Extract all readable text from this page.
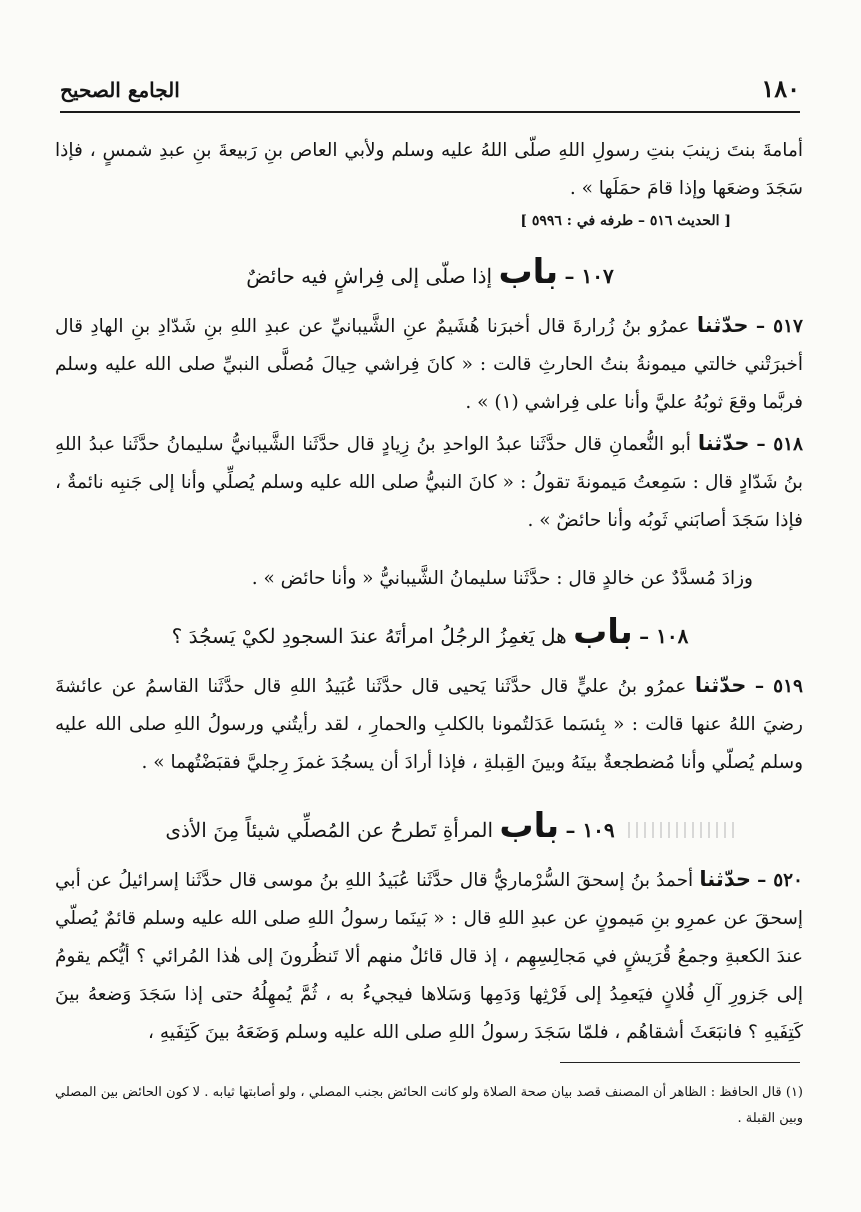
١٨٠
الجامع الصحيح
أمامةَ بنتَ زينبَ بنتِ رسولِ اللهِ صلّى اللهُ عليه وسلم ولأبي العاص بنِ رَبيعةَ بنِ عبدِ شمسٍ ، فإذا سَجَدَ وضعَها وإذا قامَ حمَلَها » .
[ الحديث ٥١٦ – طرفه في : ٥٩٩٦ ]
١٠٧ – باب إذا صلّى إلى فِراشٍ فيه حائضٌ
٥١٧ – حدّثنا عمرُو بنُ زُرارةَ قال أخبرَنا هُشَيمٌ عنِ الشَّيبانيِّ عن عبدِ اللهِ بنِ شَدّادِ بنِ الهادِ قال أخبرَتْني خالتي ميمونةُ بنتُ الحارثِ قالت : « كانَ فِراشي حِيالَ مُصلَّى النبيِّ صلى الله عليه وسلم فربَّما وقعَ ثوبُهُ عليَّ وأنا على فِراشي (١) » .
٥١٨ – حدّثنا أبو النُّعمانِ قال حدَّثَنا عبدُ الواحدِ بنُ زِيادٍ قال حدَّثَنا الشَّيبانيُّ سليمانُ حدَّثَنا عبدُ اللهِ بنُ شَدّادٍ قال : سَمِعتُ مَيمونةَ تقولُ : « كانَ النبيُّ صلى الله عليه وسلم يُصلِّي وأنا إلى جَنبِه نائمةٌ ، فإذا سَجَدَ أصابَني ثَوبُه وأنا حائضٌ » .
وزادَ مُسدَّدٌ عن خالدٍ قال : حدَّثَنا سليمانُ الشَّيبانيُّ « وأنا حائض » .
١٠٨ – باب هل يَغمِزُ الرجُلُ امرأتَهُ عندَ السجودِ لكيْ يَسجُدَ ؟
٥١٩ – حدّثنا عمرُو بنُ عليٍّ قال حدَّثَنا يَحيى قال حدَّثَنا عُبَيدُ اللهِ قال حدَّثَنا القاسمُ عن عائشةَ رضيَ اللهُ عنها قالت : « بِئسَما عَدَلتُمونا بالكلبِ والحمارِ ، لقد رأيتُني ورسولُ اللهِ صلى الله عليه وسلم يُصلّي وأنا مُضطجعةٌ بينَهُ وبينَ القِبلةِ ، فإذا أرادَ أن يسجُدَ غمزَ رِجليَّ فقبَضْتُهما » .
١٠٩ – باب المرأةِ تَطرحُ عن المُصلِّي شيئاً مِنَ الأذى
٥٢٠ – حدّثنا أحمدُ بنُ إسحقَ السُّرْماريُّ قال حدَّثَنا عُبَيدُ اللهِ بنُ موسى قال حدَّثَنا إسرائيلُ عن أبي إسحقَ عن عمرِو بنِ مَيمونٍ عن عبدِ اللهِ قال : « بَينَما رسولُ اللهِ صلى الله عليه وسلم قائمٌ يُصلّي عندَ الكعبةِ وجمعُ قُرَيشٍ في مَجالِسِهِم ، إذ قال قائلٌ منهم ألا تَنظُرونَ إلى هٰذا المُرائي ؟ أيُّكم يقومُ إلى جَزورِ آلِ فُلانٍ فيَعمِدُ إلى فَرْثِها وَدَمِها وَسَلاها فيجيءُ به ، ثُمَّ يُمهِلُهُ حتى إذا سَجَدَ وَضعهُ بينَ كَتِفَيهِ ؟ فانبَعَثَ أشقاهُم ، فلمّا سَجَدَ رسولُ اللهِ صلى الله عليه وسلم وَضَعَهُ بينَ كَتِفَيهِ ،
(١) قال الحافظ : الظاهر أن المصنف قصد بيان صحة الصلاة ولو كانت الحائض بجنب المصلي ، ولو أصابتها ثيابه . لا كون الحائض بين المصلي وبين القبلة .
